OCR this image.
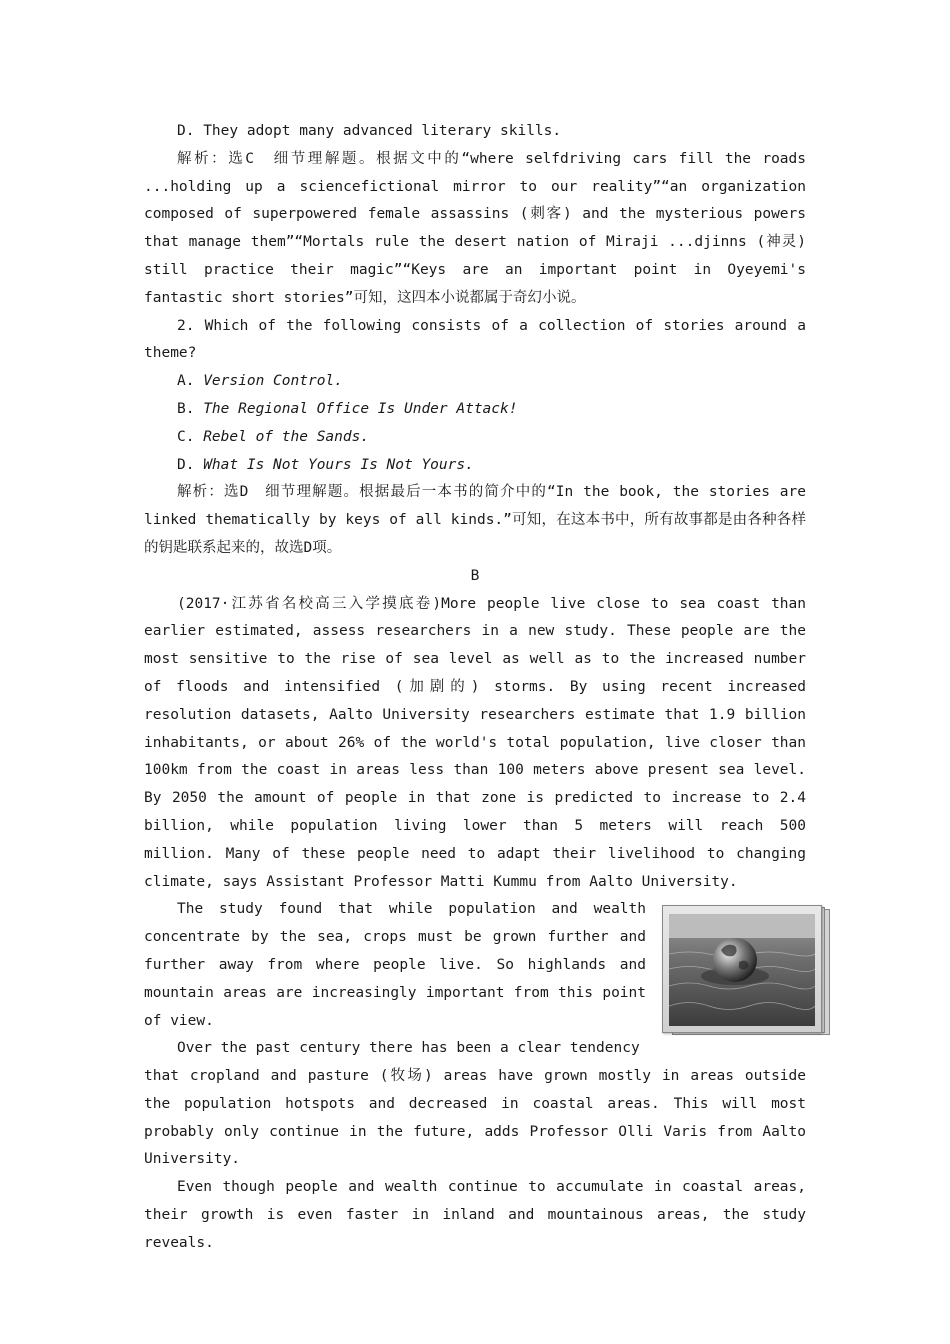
D. They adopt many advanced literary skills.

解析：选C　细节理解题。根据文中的“where selfdriving cars fill the roads ...holding up a sciencefictional mirror to our reality”“an organization composed of superpowered female assassins (刺客) and the mysterious powers that manage them”“Mortals rule the desert nation of Miraji ...djinns (神灵) still practice their magic”“Keys are an important point in Oyeyemi's fantastic short stories”可知，这四本小说都属于奇幻小说。

2. Which of the following consists of a collection of stories around a theme?

A. Version Control.

B. The Regional Office Is Under Attack!

C. Rebel of the Sands.

D. What Is Not Yours Is Not Yours.

解析：选D　细节理解题。根据最后一本书的简介中的“In the book, the stories are linked thematically by keys of all kinds.”可知，在这本书中，所有故事都是由各种各样的钥匙联系起来的，故选D项。

B

(2017·江苏省名校高三入学摸底卷)More people live close to sea coast than earlier estimated, assess researchers in a new study. These people are the most sensitive to the rise of sea level as well as to the increased number of floods and intensified (加剧的) storms. By using recent increased resolution datasets, Aalto University researchers estimate that 1.9 billion inhabitants, or about 26% of the world's total population, live closer than 100km from the coast in areas less than 100 meters above present sea level. By 2050 the amount of people in that zone is predicted to increase to 2.4 billion, while population living lower than 5 meters will reach 500 million. Many of these people need to adapt their livelihood to changing climate, says Assistant Professor Matti Kummu from Aalto University.

The study found that while population and wealth concentrate by the sea, crops must be grown further and further away from where people live. So highlands and mountain areas are increasingly important from this point of view.

Over the past century there has been a clear tendency

that cropland and pasture (牧场) areas have grown mostly in areas outside the population hotspots and decreased in coastal areas. This will most probably only continue in the future, adds Professor Olli Varis from Aalto University.

Even though people and wealth continue to accumulate in coastal areas, their growth is even faster in inland and mountainous areas, the study reveals.
